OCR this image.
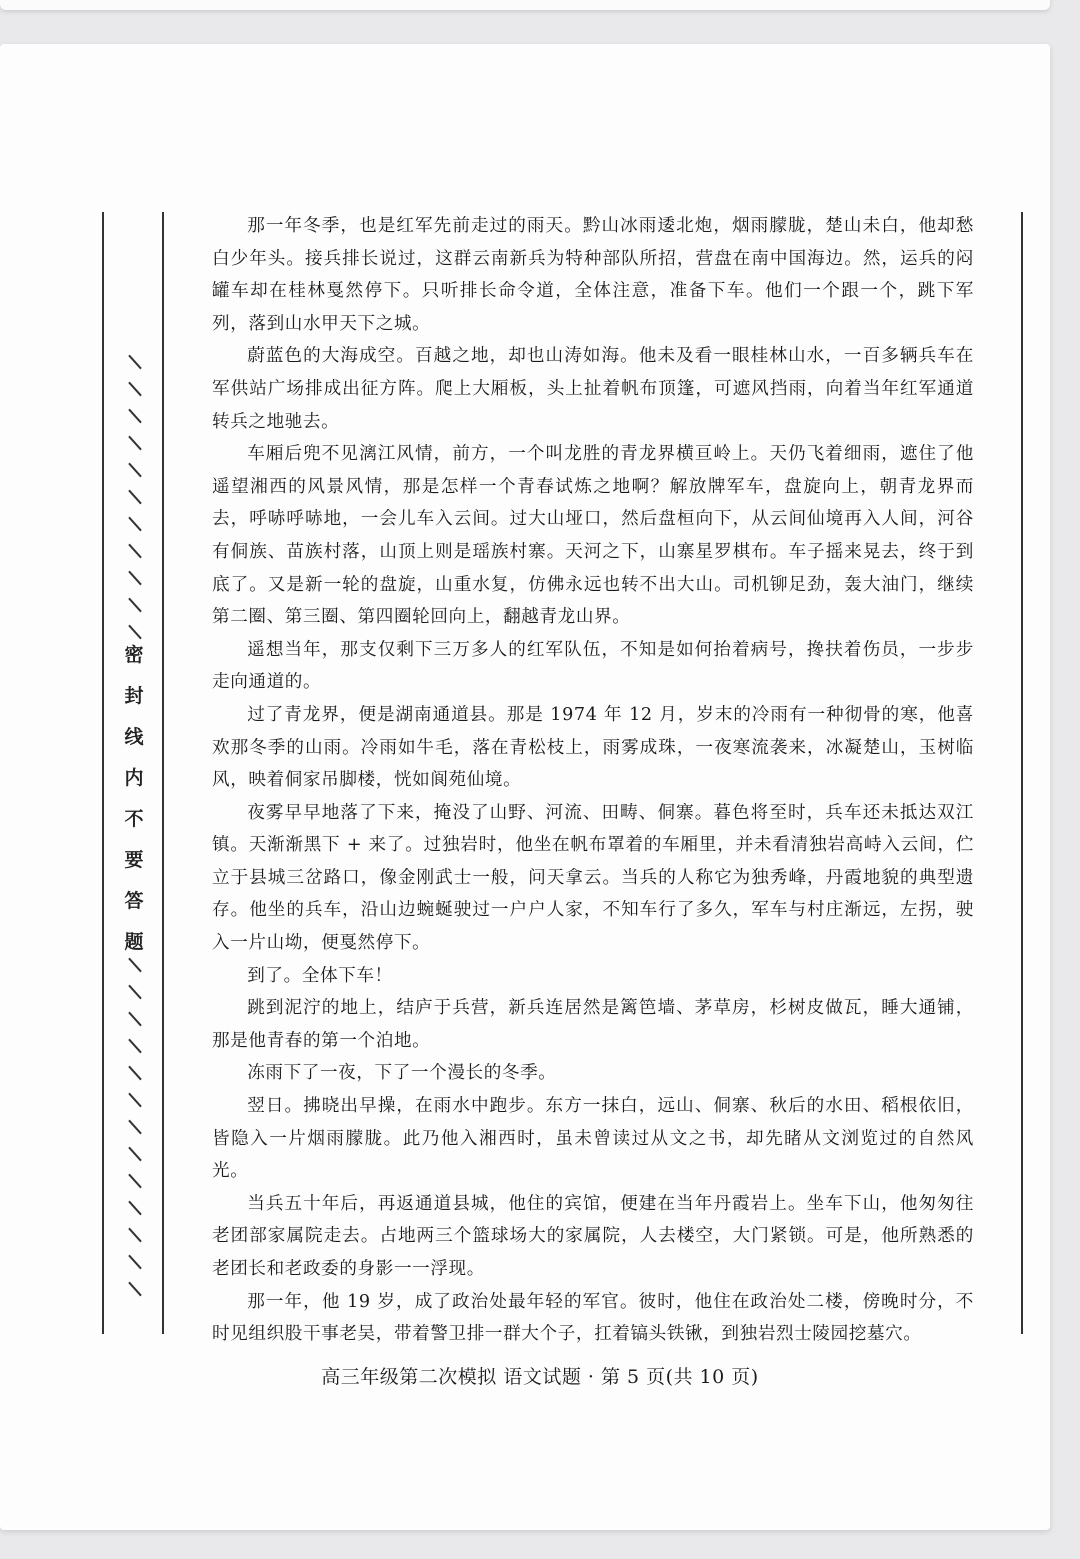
密
封
线
内
不
要
答
题

那一年冬季，也是红军先前走过的雨天。黔山冰雨逶北炮，烟雨朦胧，楚山未白，他却愁白少年头。接兵排长说过，这群云南新兵为特种部队所招，营盘在南中国海边。然，运兵的闷罐车却在桂林戛然停下。只听排长命令道，全体注意，准备下车。他们一个跟一个，跳下军列，落到山水甲天下之城。

蔚蓝色的大海成空。百越之地，却也山涛如海。他未及看一眼桂林山水，一百多辆兵车在军供站广场排成出征方阵。爬上大厢板，头上扯着帆布顶篷，可遮风挡雨，向着当年红军通道转兵之地驰去。

车厢后兜不见漓江风情，前方，一个叫龙胜的青龙界横亘岭上。天仍飞着细雨，遮住了他遥望湘西的风景风情，那是怎样一个青春试炼之地啊？解放牌军车，盘旋向上，朝青龙界而去，呼哧呼哧地，一会儿车入云间。过大山垭口，然后盘桓向下，从云间仙境再入人间，河谷有侗族、苗族村落，山顶上则是瑶族村寨。天河之下，山寨星罗棋布。车子摇来晃去，终于到底了。又是新一轮的盘旋，山重水复，仿佛永远也转不出大山。司机铆足劲，轰大油门，继续第二圈、第三圈、第四圈轮回向上，翻越青龙山界。

遥想当年，那支仅剩下三万多人的红军队伍，不知是如何抬着病号，搀扶着伤员，一步步走向通道的。

过了青龙界，便是湖南通道县。那是 1974 年 12 月，岁末的冷雨有一种彻骨的寒，他喜欢那冬季的山雨。冷雨如牛毛，落在青松枝上，雨雾成珠，一夜寒流袭来，冰凝楚山，玉树临风，映着侗家吊脚楼，恍如阆苑仙境。

夜雾早早地落了下来，掩没了山野、河流、田畴、侗寨。暮色将至时，兵车还未抵达双江镇。天渐渐黑下 + 来了。过独岩时，他坐在帆布罩着的车厢里，并未看清独岩高峙入云间，伫立于县城三岔路口，像金刚武士一般，问天拿云。当兵的人称它为独秀峰，丹霞地貌的典型遗存。他坐的兵车，沿山边蜿蜒驶过一户户人家，不知车行了多久，军车与村庄渐远，左拐，驶入一片山坳，便戛然停下。

到了。全体下车！

跳到泥泞的地上，结庐于兵营，新兵连居然是篱笆墙、茅草房，杉树皮做瓦，睡大通铺，那是他青春的第一个泊地。

冻雨下了一夜，下了一个漫长的冬季。

翌日。拂晓出早操，在雨水中跑步。东方一抹白，远山、侗寨、秋后的水田、稻根依旧，皆隐入一片烟雨朦胧。此乃他入湘西时，虽未曾读过从文之书，却先睹从文浏览过的自然风光。

当兵五十年后，再返通道县城，他住的宾馆，便建在当年丹霞岩上。坐车下山，他匆匆往老团部家属院走去。占地两三个篮球场大的家属院，人去楼空，大门紧锁。可是，他所熟悉的老团长和老政委的身影一一浮现。

那一年，他 19 岁，成了政治处最年轻的军官。彼时，他住在政治处二楼，傍晚时分，不时见组织股干事老吴，带着警卫排一群大个子，扛着镐头铁锹，到独岩烈士陵园挖墓穴。

高三年级第二次模拟 语文试题 · 第 5 页(共 10 页)
